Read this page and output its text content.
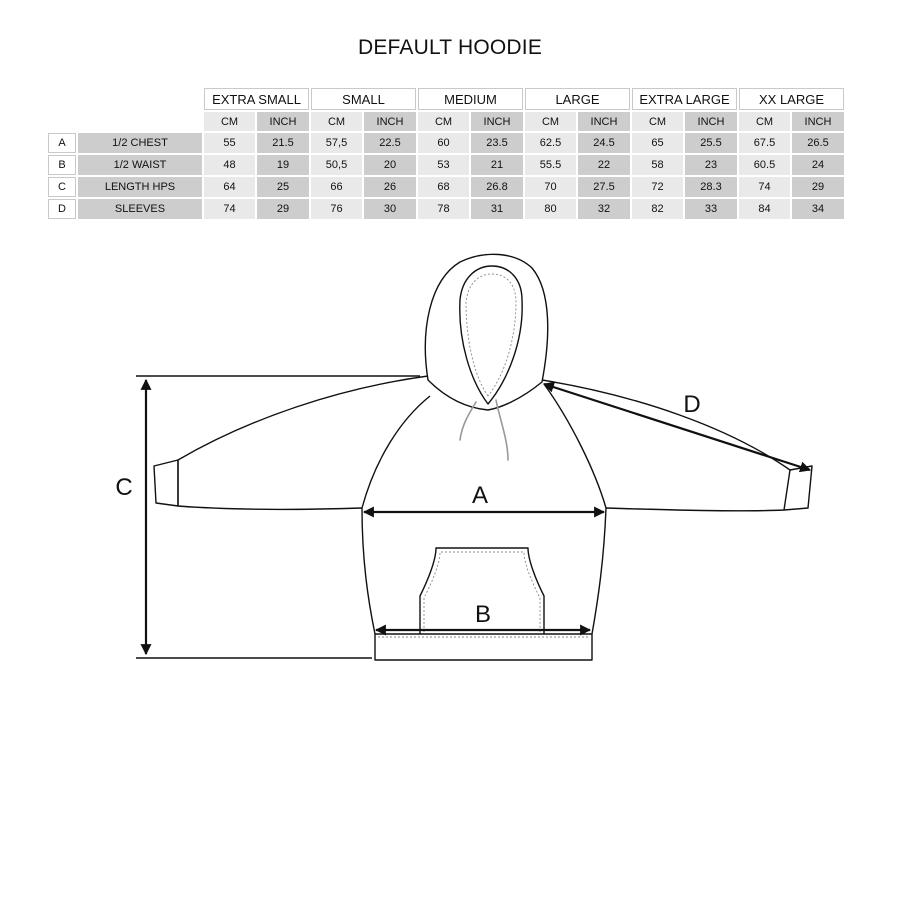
DEFAULT HOODIE
		EXTRA SMALL		SMALL		MEDIUM		LARGE		EXTRA LARGE		XX LARGE	
		CM	INCH	CM	INCH	CM	INCH	CM	INCH	CM	INCH	CM	INCH
A	1/2 CHEST	55	21.5	57,5	22.5	60	23.5	62.5	24.5	65	25.5	67.5	26.5
B	1/2 WAIST	48	19	50,5	20	53	21	55.5	22	58	23	60.5	24
C	LENGTH HPS	64	25	66	26	68	26.8	70	27.5	72	28.3	74	29
D	SLEEVES	74	29	76	30	78	31	80	32	82	33	84	34
A
B
C
D
